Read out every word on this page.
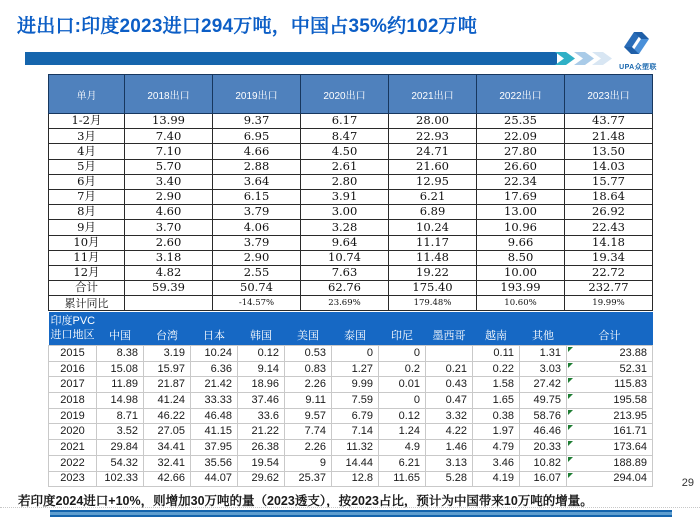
进出口:印度2023进口294万吨，中国占35%约102万吨
UPA众塑联
单月	2018出口	2019出口	2020出口	2021出口	2022出口	2023出口
1-2月	13.99	9.37	6.17	28.00	25.35	43.77
3月	7.40	6.95	8.47	22.93	22.09	21.48
4月	7.10	4.66	4.50	24.71	27.80	13.50
5月	5.70	2.88	2.61	21.60	26.60	14.03
6月	3.40	3.64	2.80	12.95	22.34	15.77
7月	2.90	6.15	3.91	6.21	17.69	18.64
8月	4.60	3.79	3.00	6.89	13.00	26.92
9月	3.70	4.06	3.28	10.24	10.96	22.43
10月	2.60	3.79	9.64	11.17	9.66	14.18
11月	3.18	2.90	10.74	11.48	8.50	19.34
12月	4.82	2.55	7.63	19.22	10.00	22.72
合计	59.39	50.74	62.76	175.40	193.99	232.77
累计同比		-14.57%	23.69%	179.48%	10.60%	19.99%
印度PVC
进口地区	中国	台湾	日本	韩国	美国	泰国	印尼	墨西哥	越南	其他	合计
2015	8.38	3.19	10.24	0.12	0.53	0	0		0.11	1.31	23.88

2016	15.08	15.97	6.36	9.14	0.83	1.27	0.2	0.21	0.22	3.03	52.31

2017	11.89	21.87	21.42	18.96	2.26	9.99	0.01	0.43	1.58	27.42	115.83

2018	14.98	41.24	33.33	37.46	9.11	7.59	0	0.47	1.65	49.75	195.58

2019	8.71	46.22	46.48	33.6	9.57	6.79	0.12	3.32	0.38	58.76	213.95

2020	3.52	27.05	41.15	21.22	7.74	7.14	1.24	4.22	1.97	46.46	161.71

2021	29.84	34.41	37.95	26.38	2.26	11.32	4.9	1.46	4.79	20.33	173.64

2022	54.32	32.41	35.56	19.54	9	14.44	6.21	3.13	3.46	10.82	188.89

2023	102.33	42.66	44.07	29.62	25.37	12.8	11.65	5.28	4.19	16.07	294.04
若印度2024进口+10%，则增加30万吨的量（2023透支），按2023占比，预计为中国带来10万吨的增量。
29
